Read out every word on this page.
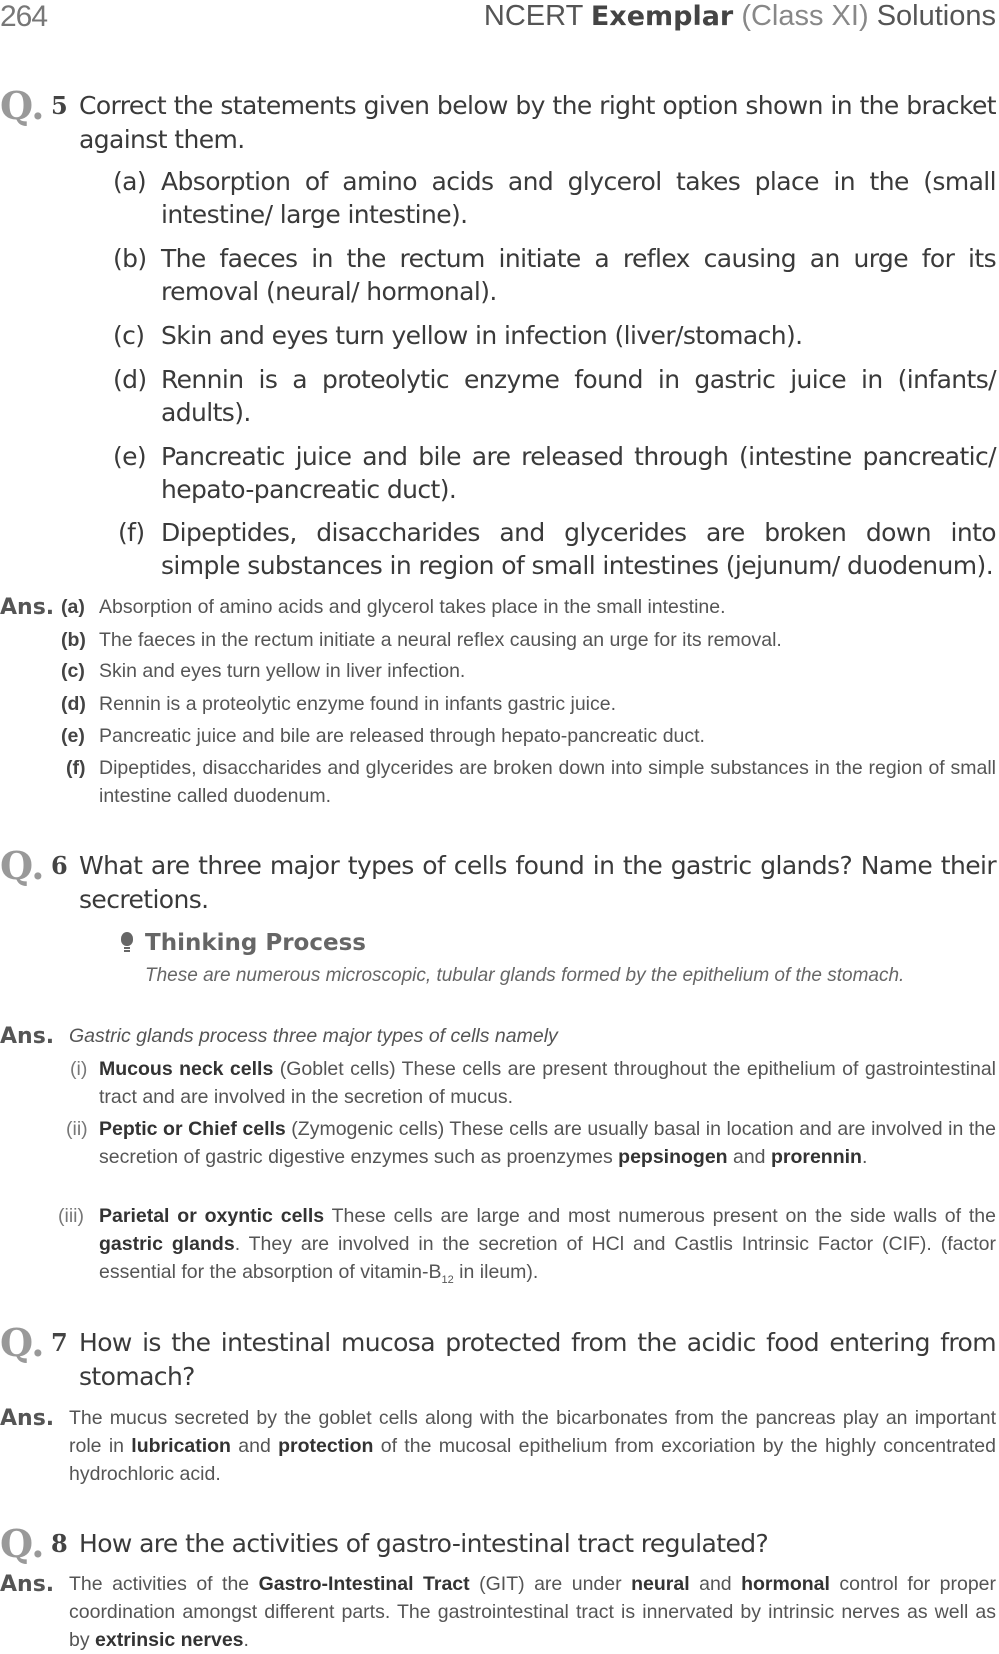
264	NCERT Exemplar (Class XI) Solutions
Q. 5 Correct the statements given below by the right option shown in the bracket against them.
(a) Absorption of amino acids and glycerol takes place in the (small intestine/ large intestine).
(b) The faeces in the rectum initiate a reflex causing an urge for its removal (neural/ hormonal).
(c) Skin and eyes turn yellow in infection (liver/stomach).
(d) Rennin is a proteolytic enzyme found in gastric juice in (infants/ adults).
(e) Pancreatic juice and bile are released through (intestine pancreatic/ hepato-pancreatic duct).
(f) Dipeptides, disaccharides and glycerides are broken down into simple substances in region of small intestines (jejunum/ duodenum).
Ans. (a) Absorption of amino acids and glycerol takes place in the small intestine.
(b) The faeces in the rectum initiate a neural reflex causing an urge for its removal.
(c) Skin and eyes turn yellow in liver infection.
(d) Rennin is a proteolytic enzyme found in infants gastric juice.
(e) Pancreatic juice and bile are released through hepato-pancreatic duct.
(f) Dipeptides, disaccharides and glycerides are broken down into simple substances in the region of small intestine called duodenum.
Q. 6 What are three major types of cells found in the gastric glands? Name their secretions.
Thinking Process
These are numerous microscopic, tubular glands formed by the epithelium of the stomach.
Ans. Gastric glands process three major types of cells namely
(i) Mucous neck cells (Goblet cells) These cells are present throughout the epithelium of gastrointestinal tract and are involved in the secretion of mucus.
(ii) Peptic or Chief cells (Zymogenic cells) These cells are usually basal in location and are involved in the secretion of gastric digestive enzymes such as proenzymes pepsinogen and prorennin.
(iii) Parietal or oxyntic cells These cells are large and most numerous present on the side walls of the gastric glands. They are involved in the secretion of HCl and Castlis Intrinsic Factor (CIF). (factor essential for the absorption of vitamin-$B_{12}$ in ileum).
Q. 7 How is the intestinal mucosa protected from the acidic food entering from stomach?
Ans. The mucus secreted by the goblet cells along with the bicarbonates from the pancreas play an important role in lubrication and protection of the mucosal epithelium from excoriation by the highly concentrated hydrochloric acid.
Q. 8 How are the activities of gastro-intestinal tract regulated?
Ans. The activities of the Gastro-Intestinal Tract (GIT) are under neural and hormonal control for proper coordination amongst different parts. The gastrointestinal tract is innervated by intrinsic nerves as well as by extrinsic nerves.
